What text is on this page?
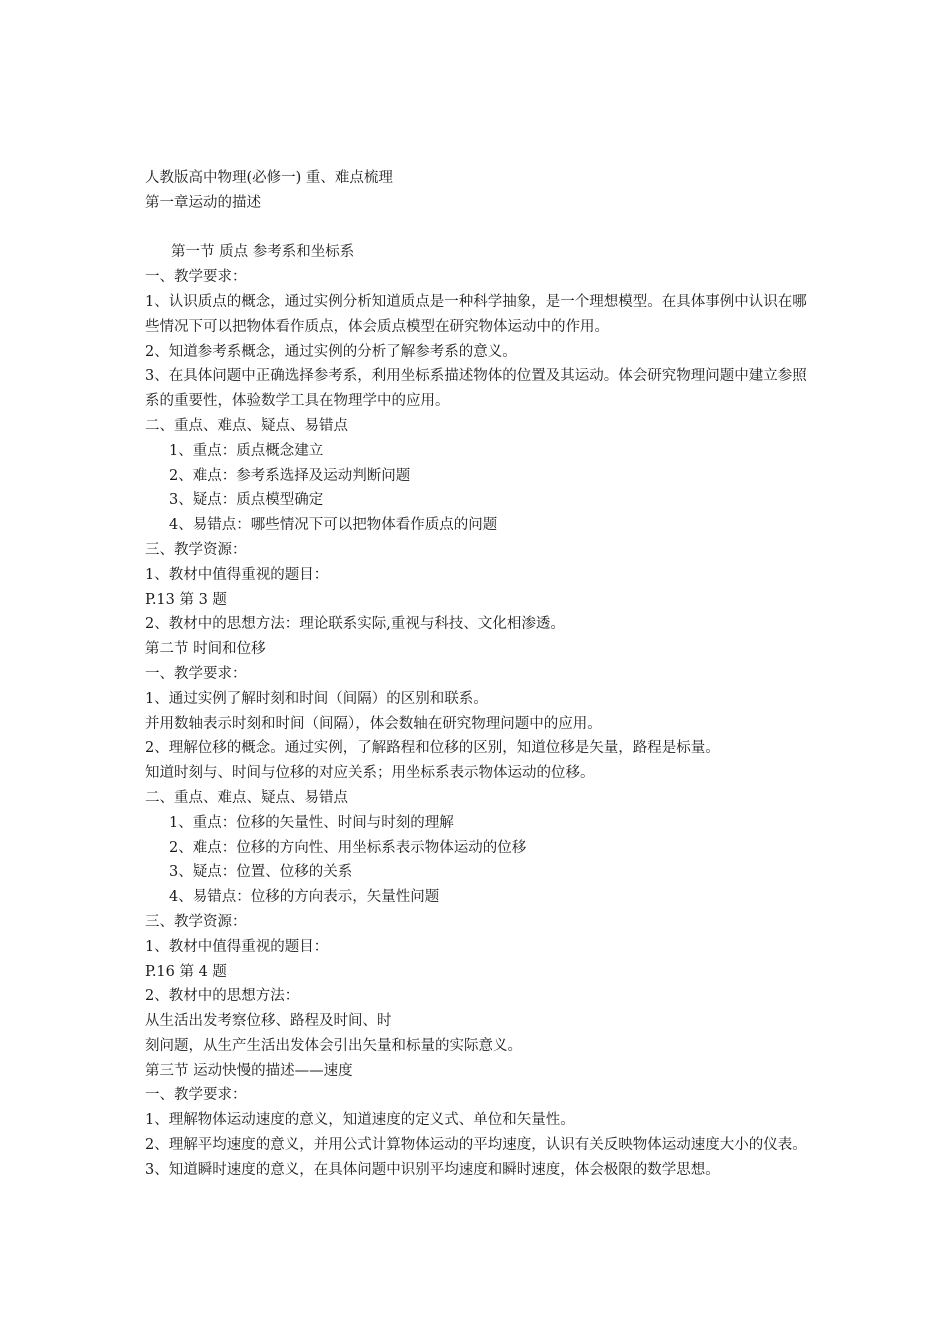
人教版高中物理(必修一) 重、难点梳理
第一章运动的描述
第一节 质点 参考系和坐标系
一、教学要求：
1、认识质点的概念，通过实例分析知道质点是一种科学抽象，是一个理想模型。在具体事例中认识在哪些情况下可以把物体看作质点，体会质点模型在研究物体运动中的作用。
2、知道参考系概念，通过实例的分析了解参考系的意义。
3、在具体问题中正确选择参考系，利用坐标系描述物体的位置及其运动。体会研究物理问题中建立参照系的重要性，体验数学工具在物理学中的应用。
二、重点、难点、疑点、易错点
1、重点：质点概念建立
2、难点：参考系选择及运动判断问题
3、疑点：质点模型确定
4、易错点：哪些情况下可以把物体看作质点的问题
三、教学资源：
1、教材中值得重视的题目：
P.13 第 3 题
2、教材中的思想方法：理论联系实际,重视与科技、文化相渗透。
第二节 时间和位移
一、教学要求：
1、通过实例了解时刻和时间（间隔）的区别和联系。
并用数轴表示时刻和时间（间隔），体会数轴在研究物理问题中的应用。
2、理解位移的概念。通过实例，了解路程和位移的区别，知道位移是矢量，路程是标量。
知道时刻与、时间与位移的对应关系；用坐标系表示物体运动的位移。
二、重点、难点、疑点、易错点
1、重点：位移的矢量性、时间与时刻的理解
2、难点：位移的方向性、用坐标系表示物体运动的位移
3、疑点：位置、位移的关系
4、易错点：位移的方向表示，矢量性问题
三、教学资源：
1、教材中值得重视的题目：
P.16 第 4 题
2、教材中的思想方法：
从生活出发考察位移、路程及时间、时
刻问题，从生产生活出发体会引出矢量和标量的实际意义。
第三节 运动快慢的描述——速度
一、教学要求：
1、理解物体运动速度的意义，知道速度的定义式、单位和矢量性。
2、理解平均速度的意义，并用公式计算物体运动的平均速度，认识有关反映物体运动速度大小的仪表。
3、知道瞬时速度的意义，在具体问题中识别平均速度和瞬时速度，体会极限的数学思想。
